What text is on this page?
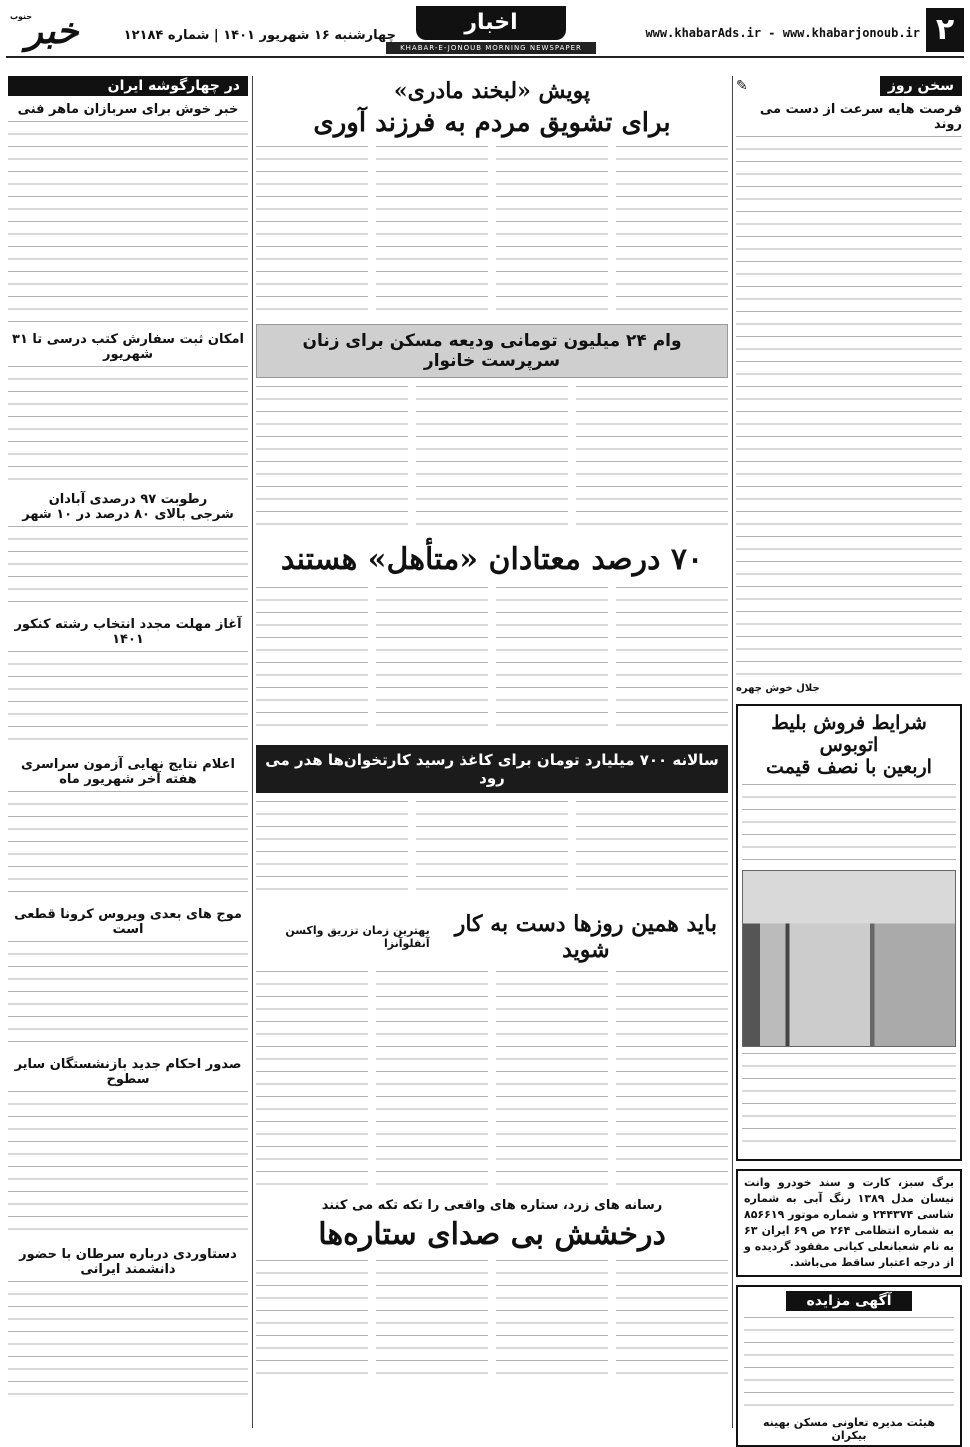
۲
www.khabarAds.ir - www.khabarjonoub.ir
اخبار
KHABAR-E-JONOUB MORNING NEWSPAPER
چهارشنبه ۱۶ شهریور ۱۴۰۱ | شماره ۱۲۱۸۴
جنوب
خبر
در چهارگوشه ایران
خبر خوش برای سربازان ماهر فنی
امکان ثبت سفارش کتب درسی تا ۳۱ شهریور
رطوبت ۹۷ درصدی آبادان
شرجی بالای ۸۰ درصد در ۱۰ شهر
آغاز مهلت مجدد انتخاب رشته کنکور ۱۴۰۱
اعلام نتایج نهایی آزمون سراسری
هفته آخر شهریور ماه
موج های بعدی ویروس کرونا قطعی است
صدور احکام جدید بازنشستگان سایر سطوح
دستاوردی درباره سرطان با حضور
دانشمند ایرانی
پویش «لبخند مادری»
برای تشویق مردم به فرزند آوری
وام ۲۴ میلیون تومانی ودیعه مسکن برای زنان سرپرست خانوار
۷۰ درصد معتادان «متأهل» هستند
سالانه ۷۰۰ میلیارد تومان برای کاغذ رسید کارتخوان‌ها هدر می رود
باید همین روزها دست به کار شوید
بهترین زمان تزریق واکسن آنفلوآنزا
رسانه های زرد، ستاره های واقعی را تکه تکه می کنند
درخشش بی صدای ستاره‌ها
سخن روز
✎
فرصت هایه سرعت از دست می روند
جلال خوش چهره
شرایط فروش بلیط اتوبوس
اربعین با نصف قیمت
برگ سبز، کارت و سند خودرو وانت نیسان مدل ۱۳۸۹ رنگ آبی به شماره شاسی ۲۴۴۳۷۴ و شماره موتور ۸۵۶۶۱۹ به شماره انتظامی ۲۶۴ ص ۶۹ ایران ۶۳ به نام شعبانعلی کیانی مفقود گردیده و از درجه اعتبار ساقط می‌باشد.
آگهی مزایده
هیئت مدیره تعاونی مسکن بهینه بیکران
